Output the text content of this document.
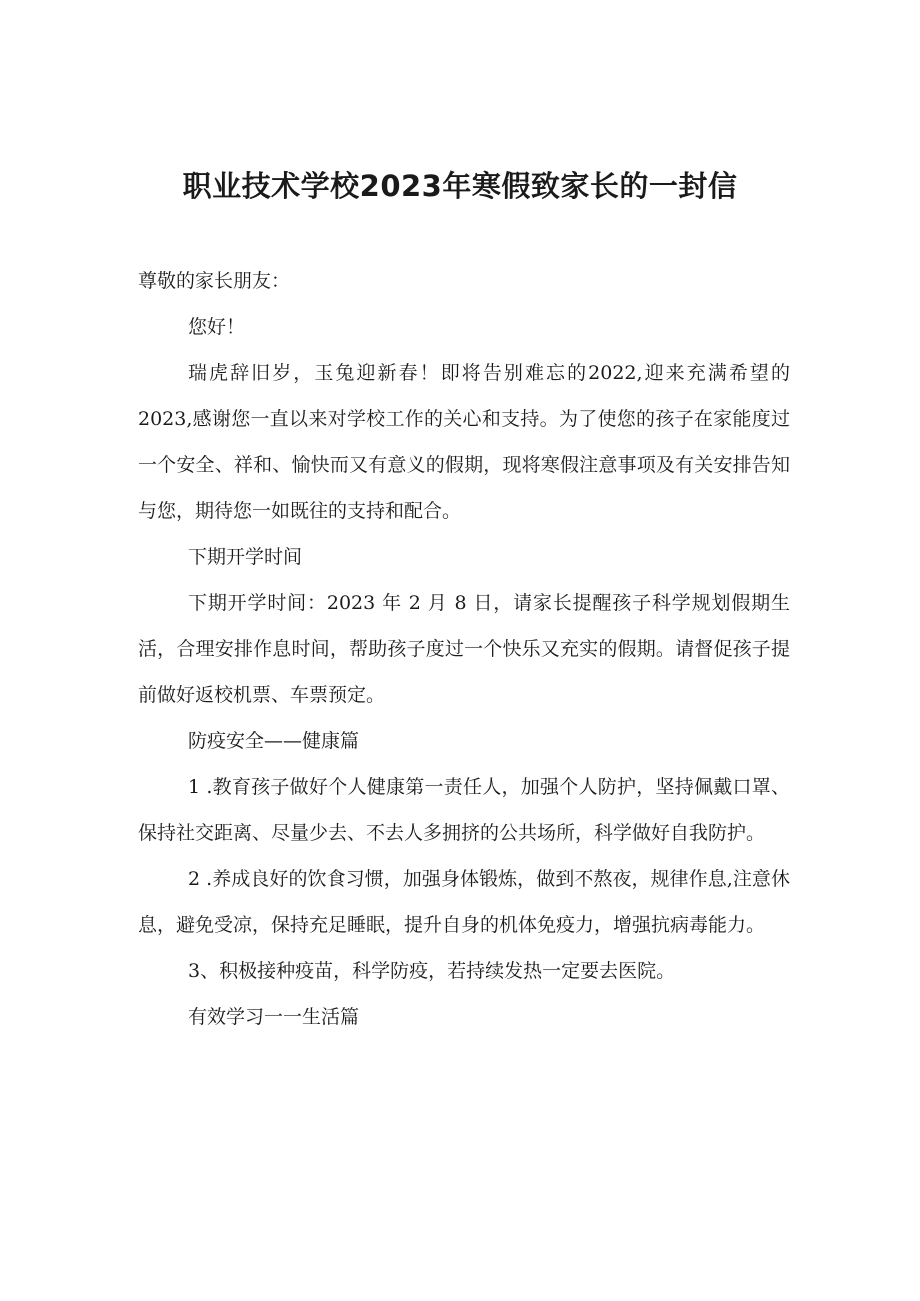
职业技术学校2023年寒假致家长的一封信

尊敬的家长朋友：

您好！

瑞虎辞旧岁，玉兔迎新春！即将告别难忘的2022,迎来充满希望的2023,感谢您一直以来对学校工作的关心和支持。为了使您的孩子在家能度过一个安全、祥和、愉快而又有意义的假期，现将寒假注意事项及有关安排告知与您，期待您一如既往的支持和配合。

下期开学时间

下期开学时间：2023 年 2 月 8 日，请家长提醒孩子科学规划假期生活，合理安排作息时间，帮助孩子度过一个快乐又充实的假期。请督促孩子提前做好返校机票、车票预定。

防疫安全——健康篇

1 .教育孩子做好个人健康第一责任人，加强个人防护，坚持佩戴口罩、保持社交距离、尽量少去、不去人多拥挤的公共场所，科学做好自我防护。

2 .养成良好的饮食习惯，加强身体锻炼，做到不熬夜，规律作息,注意休息，避免受凉，保持充足睡眠，提升自身的机体免疫力，增强抗病毒能力。

3、积极接种疫苗，科学防疫，若持续发热一定要去医院。

有效学习一一生活篇
